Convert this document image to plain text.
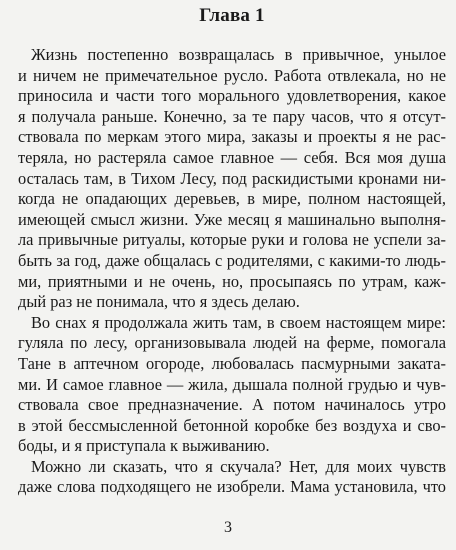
Глава 1
Жизнь постепенно возвращалась в привычное, унылое
и ничем не примечательное русло. Работа отвлекала, но не
приносила и части того морального удовлетворения, какое
я получала раньше. Конечно, за те пару часов, что я отсут-
ствовала по меркам этого мира, заказы и проекты я не рас-
теряла, но растеряла самое главное — себя. Вся моя душа
осталась там, в Тихом Лесу, под раскидистыми кронами ни-
когда не опадающих деревьев, в мире, полном настоящей,
имеющей смысл жизни. Уже месяц я машинально выполня-
ла привычные ритуалы, которые руки и голова не успели за-
быть за год, даже общалась с родителями, с какими-то людь-
ми, приятными и не очень, но, просыпаясь по утрам, каж-
дый раз не понимала, что я здесь делаю.
Во снах я продолжала жить там, в своем настоящем мире:
гуляла по лесу, организовывала людей на ферме, помогала
Тане в аптечном огороде, любовалась пасмурными заката-
ми. И самое главное — жила, дышала полной грудью и чув-
ствовала свое предназначение. А потом начиналось утро
в этой бессмысленной бетонной коробке без воздуха и сво-
боды, и я приступала к выживанию.
Можно ли сказать, что я скучала? Нет, для моих чувств
даже слова подходящего не изобрели. Мама установила, что
3
